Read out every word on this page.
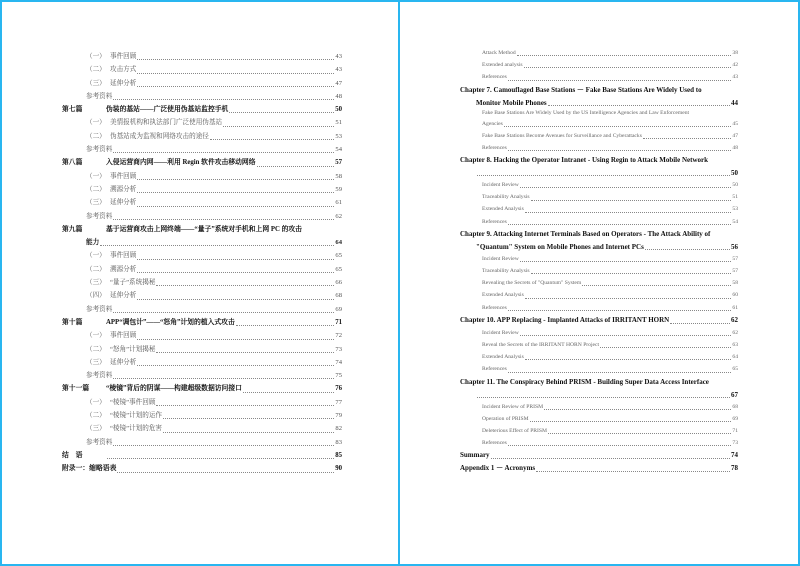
（一） 事件回顾	43
（二） 攻击方式	43
（三） 延伸分析	47
参考资料	48
第七篇	伪装的基站——广泛使用伪基站监控手机	50
（一） 美情报机构和执法部门广泛使用伪基站	51
（二） 伪基站成为监视和网络攻击的途径	53
参考资料	54
第八篇	入侵运营商内网——利用 Regin 软件攻击移动网络	57
（一） 事件回顾	58
（二） 溯源分析	59
（三） 延伸分析	61
参考资料	62
第九篇	基于运营商攻击上网终端——“量子”系统对手机和上网 PC 的攻击
能力	64
（一） 事件回顾	65
（二） 溯源分析	65
（三） “量子”系统揭秘	66
（四） 延伸分析	68
参考资料	69
第十篇	APP“调包计”——“怒角”计划的植入式攻击	71
（一） 事件回顾	72
（二） “怒角”计划揭秘	73
（三） 延伸分析	74
参考资料	75
第十一篇	“棱镜”背后的阴谋——构建超级数据访问接口	76
（一） “棱镜”事件回顾	77
（二） “棱镜”计划的运作	79
（三） “棱镜”计划的危害	82
参考资料	83
结　语	85
附录一：缩略语表	90
Attack Method	38
Extended analysis	42
References	43
Chapter 7. Camouflaged Base Stations － Fake Base Stations Are Widely Used to
Monitor Mobile Phones	44
Fake Base Stations Are Widely Used by the US Intelligence Agencies and Law Enforcement
Agencies	45
Fake Base Stations Become Avenues for Surveillance and Cyberattacks	47
References	48
Chapter 8. Hacking the Operator Intranet - Using Regin to Attack Mobile Network
50
Incident Review	50
Traceability Analysis	51
Extended Analysis	53
References	54
Chapter 9. Attacking Internet Terminals Based on Operators - The Attack Ability of
"Quantum" System on Mobile Phones and Internet PCs	56
Incident Review	57
Traceability Analysis	57
Revealing the Secrets of "Quantum" System	58
Extended Analysis	60
References	61
Chapter 10. APP Replacing - Implanted Attacks of IRRITANT HORN	62
Incident Review	62
Reveal the Secrets of the IRRITANT HORN Project	63
Extended Analysis	64
References	65
Chapter 11. The Conspiracy Behind PRISM - Building Super Data Access Interface
67
Incident Review of PRISM	68
Operation of PRISM	69
Deleterious Effect of PRISM	71
References	73
Summary	74
Appendix 1 － Acronyms	78
